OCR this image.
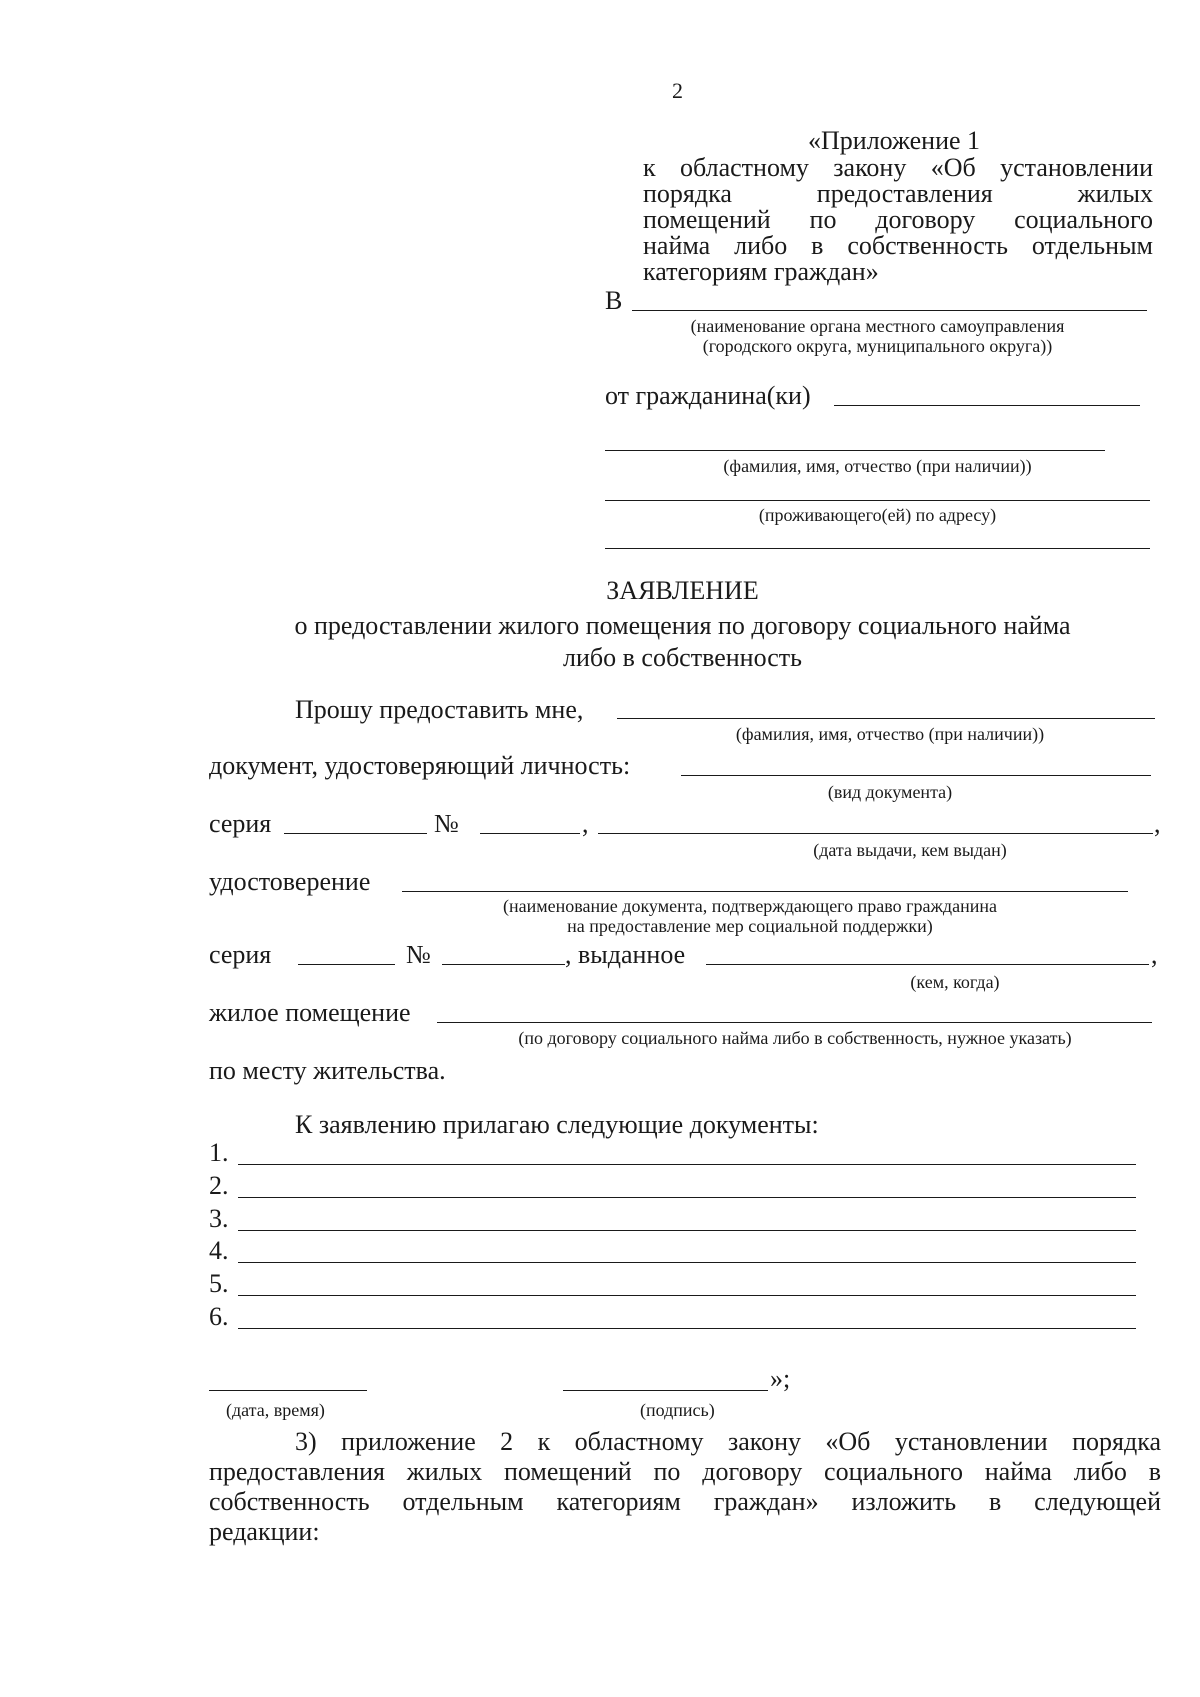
2
«Приложение 1
к областному закону «Об установлении
порядка предоставления жилых
помещений по договору социального
найма либо в собственность отдельным
категориям граждан»
В
(наименование органа местного самоуправления
(городского округа, муниципального округа))
от гражданина(ки)
(фамилия, имя, отчество (при наличии))
(проживающего(ей) по адресу)
ЗАЯВЛЕНИЕ
о предоставлении жилого помещения по договору социального найма
либо в собственность
Прошу предоставить мне,
(фамилия, имя, отчество (при наличии))
документ, удостоверяющий личность:
(вид документа)
серия	№	,	,
(дата выдачи, кем выдан)
удостоверение
(наименование документа, подтверждающего право гражданина
на предоставление мер социальной поддержки)
серия	№	, выданное	,
(кем, когда)
жилое помещение
(по договору социального найма либо в собственность, нужное указать)
по месту жительства.
К заявлению прилагаю следующие документы:
1.
2.
3.
4.
5.
6.
»;
(дата, время)	(подпись)
3) приложение 2 к областному закону «Об установлении порядка
предоставления жилых помещений по договору социального найма либо в
собственность отдельным категориям граждан» изложить в следующей
редакции:
